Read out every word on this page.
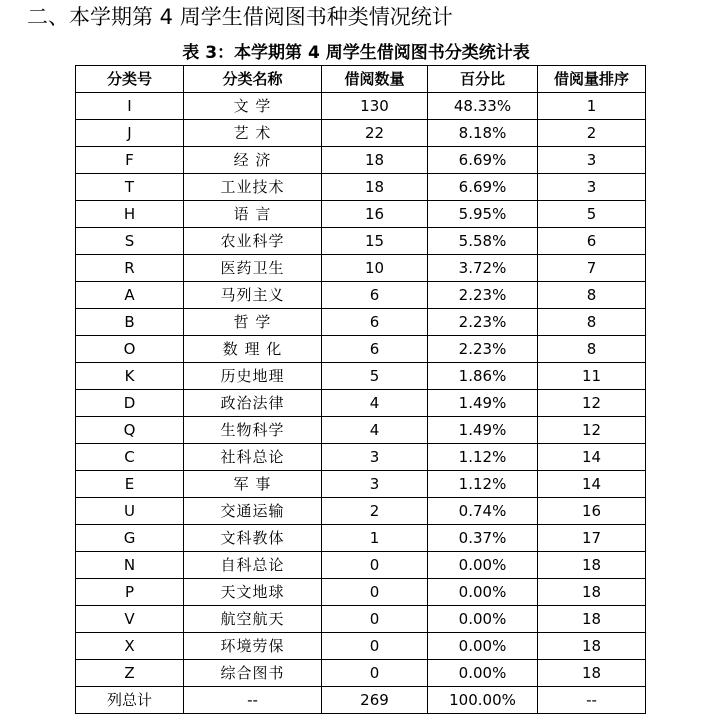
二、本学期第 4 周学生借阅图书种类情况统计
表 3：本学期第 4 周学生借阅图书分类统计表
分类号	分类名称	借阅数量	百分比	借阅量排序
I	文 学	130	48.33%	1
J	艺 术	22	8.18%	2
F	经 济	18	6.69%	3
T	工业技术	18	6.69%	3
H	语 言	16	5.95%	5
S	农业科学	15	5.58%	6
R	医药卫生	10	3.72%	7
A	马列主义	6	2.23%	8
B	哲 学	6	2.23%	8
O	数 理 化	6	2.23%	8
K	历史地理	5	1.86%	11
D	政治法律	4	1.49%	12
Q	生物科学	4	1.49%	12
C	社科总论	3	1.12%	14
E	军 事	3	1.12%	14
U	交通运输	2	0.74%	16
G	文科教体	1	0.37%	17
N	自科总论	0	0.00%	18
P	天文地球	0	0.00%	18
V	航空航天	0	0.00%	18
X	环境劳保	0	0.00%	18
Z	综合图书	0	0.00%	18
列总计	--	269	100.00%	--
